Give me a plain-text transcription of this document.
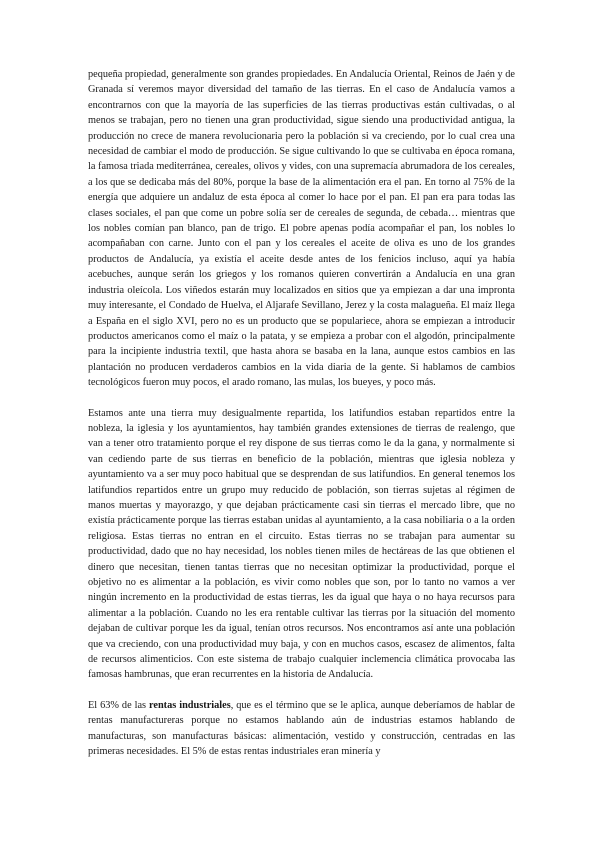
pequeña propiedad, generalmente son grandes propiedades. En Andalucía Oriental, Reinos de Jaén y de Granada sí veremos mayor diversidad del tamaño de las tierras. En el caso de Andalucía vamos a encontrarnos con que la mayoría de las superficies de las tierras productivas están cultivadas, o al menos se trabajan, pero no tienen una gran productividad, sigue siendo una productividad antigua, la producción no crece de manera revolucionaria pero la población si va creciendo, por lo cual crea una necesidad de cambiar el modo de producción. Se sigue cultivando lo que se cultivaba en época romana, la famosa triada mediterránea, cereales, olivos y vides, con una supremacía abrumadora de los cereales, a los que se dedicaba más del 80%, porque la base de la alimentación era el pan. En torno al 75% de la energía que adquiere un andaluz de esta época al comer lo hace por el pan. El pan era para todas las clases sociales, el pan que come un pobre solía ser de cereales de segunda, de cebada… mientras que los nobles comían pan blanco, pan de trigo. El pobre apenas podía acompañar el pan, los nobles lo acompañaban con carne. Junto con el pan y los cereales el aceite de oliva es uno de los grandes productos de Andalucía, ya existía el aceite desde antes de los fenicios incluso, aquí ya había acebuches, aunque serán los griegos y los romanos quieren convertirán a Andalucía en una gran industria oleícola. Los viñedos estarán muy localizados en sitios que ya empiezan a dar una impronta muy interesante, el Condado de Huelva, el Aljarafe Sevillano, Jerez y la costa malagueña. El maíz llega a España en el siglo XVI, pero no es un producto que se populariece, ahora se empiezan a introducir productos americanos como el maíz o la patata, y se empieza a probar con el algodón, principalmente para la incipiente industria textil, que hasta ahora se basaba en la lana, aunque estos cambios en las plantación no producen verdaderos cambios en la vida diaria de la gente. Si hablamos de cambios tecnológicos fueron muy pocos, el arado romano, las mulas, los bueyes, y poco más.

Estamos ante una tierra muy desigualmente repartida, los latifundios estaban repartidos entre la nobleza, la iglesia y los ayuntamientos, hay también grandes extensiones de tierras de realengo, que van a tener otro tratamiento porque el rey dispone de sus tierras como le da la gana, y normalmente si van cediendo parte de sus tierras en beneficio de la población, mientras que iglesia nobleza y ayuntamiento va a ser muy poco habitual que se desprendan de sus latifundios. En general tenemos los latifundios repartidos entre un grupo muy reducido de población, son tierras sujetas al régimen de manos muertas y mayorazgo, y que dejaban prácticamente casi sin tierras el mercado libre, que no existía prácticamente porque las tierras estaban unidas al ayuntamiento, a la casa nobiliaria o a la orden religiosa. Estas tierras no entran en el circuito. Estas tierras no se trabajan para aumentar su productividad, dado que no hay necesidad, los nobles tienen miles de hectáreas de las que obtienen el dinero que necesitan, tienen tantas tierras que no necesitan optimizar la productividad, porque el objetivo no es alimentar a la población, es vivir como nobles que son, por lo tanto no vamos a ver ningún incremento en la productividad de estas tierras, les da igual que haya o no haya recursos para alimentar a la población. Cuando no les era rentable cultivar las tierras por la situación del momento dejaban de cultivar porque les da igual, tenían otros recursos. Nos encontramos así ante una población que va creciendo, con una productividad muy baja, y con en muchos casos, escasez de alimentos, falta de recursos alimenticios. Con este sistema de trabajo cualquier inclemencia climática provocaba las famosas hambrunas, que eran recurrentes en la historia de Andalucía.

El 63% de las rentas industriales, que es el término que se le aplica, aunque deberíamos de hablar de rentas manufactureras porque no estamos hablando aún de industrias estamos hablando de manufacturas, son manufacturas básicas: alimentación, vestido y construcción, centradas en las primeras necesidades. El 5% de estas rentas industriales eran minería y
